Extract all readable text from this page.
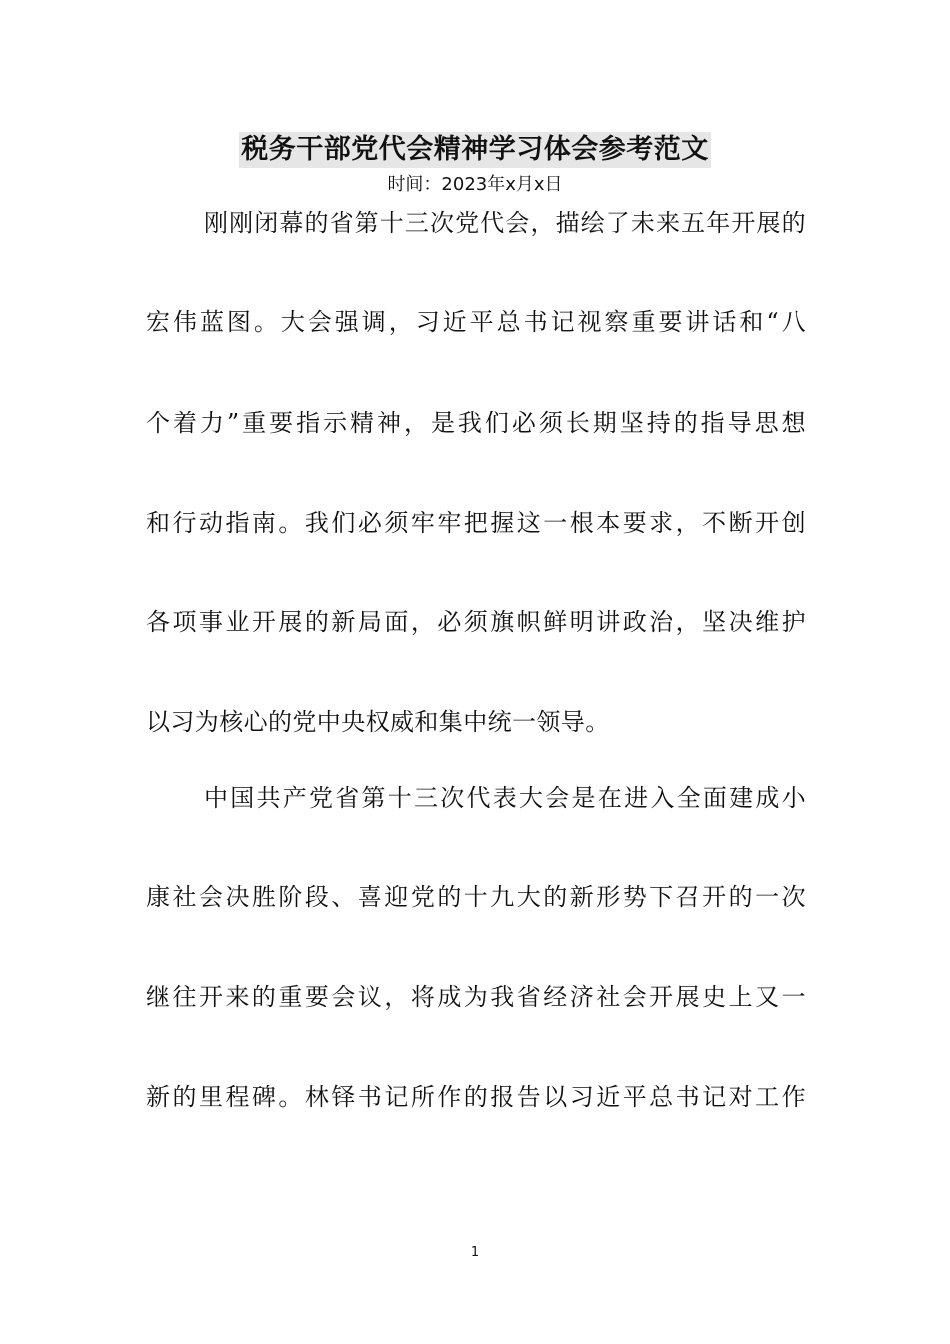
税务干部党代会精神学习体会参考范文
时间：2023年x月x日
刚刚闭幕的省第十三次党代会，描绘了未来五年开展的
宏伟蓝图。大会强调，习近平总书记视察重要讲话和“八
个着力”重要指示精神，是我们必须长期坚持的指导思想
和行动指南。我们必须牢牢把握这一根本要求，不断开创
各项事业开展的新局面，必须旗帜鲜明讲政治，坚决维护
以习为核心的党中央权威和集中统一领导。
中国共产党省第十三次代表大会是在进入全面建成小
康社会决胜阶段、喜迎党的十九大的新形势下召开的一次
继往开来的重要会议，将成为我省经济社会开展史上又一
新的里程碑。林铎书记所作的报告以习近平总书记对工作
1
